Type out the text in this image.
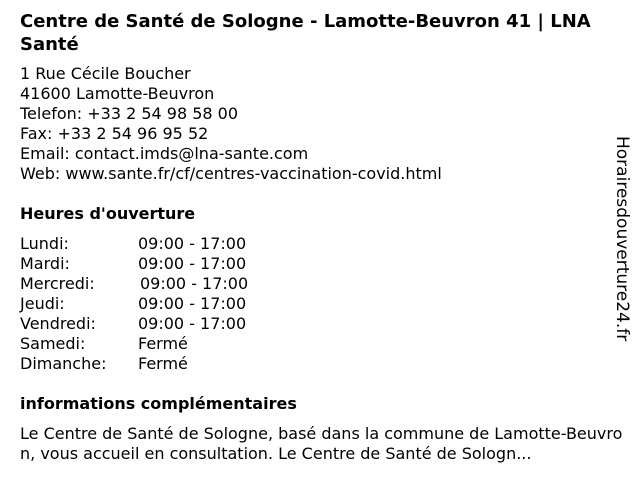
Centre de Santé de Sologne - Lamotte-Beuvron 41 | LNA Santé
1 Rue Cécile Boucher
41600 Lamotte-Beuvron
Telefon: +33 2 54 98 58 00
Fax: +33 2 54 96 95 52
Email: contact.imds@lna-sante.com
Web: www.sante.fr/cf/centres-vaccination-covid.html
Heures d'ouverture
Lundi:	09:00 - 17:00
Mardi:	09:00 - 17:00
Mercredi:	09:00 - 17:00
Jeudi:	09:00 - 17:00
Vendredi:	09:00 - 17:00
Samedi:	Fermé
Dimanche: Fermé
informations complémentaires
Le Centre de Santé de Sologne, basé dans la commune de Lamotte-Beuvron, vous accueil en consultation. Le Centre de Santé de Sologn...
Horairesdouverture24.fr
